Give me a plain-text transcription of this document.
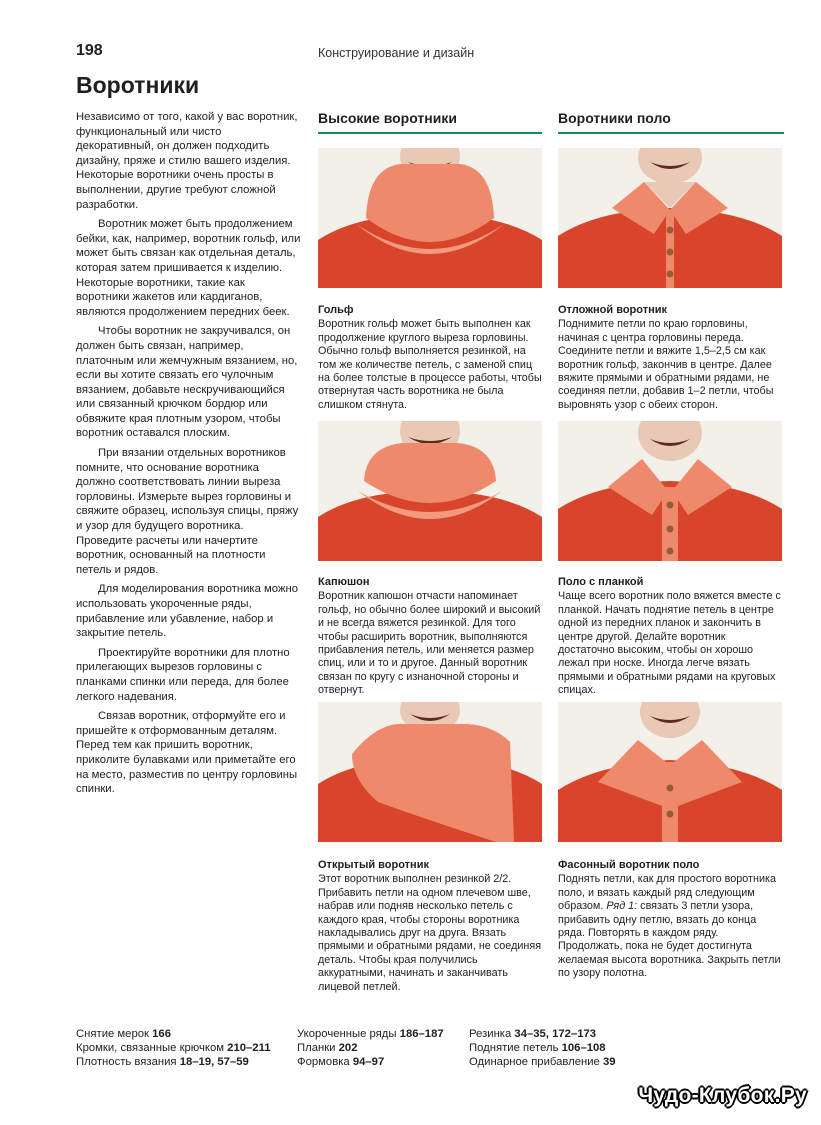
198	Конструирование и дизайн
Воротники

Независимо от того, какой у вас воротник, функциональный или чисто декоративный, он должен подходить дизайну, пряже и стилю вашего изделия. Некоторые воротники очень просты в выполнении, другие требуют сложной разработки.

Воротник может быть продолжением бейки, как, например, воротник гольф, или может быть связан как отдельная деталь, которая затем пришивается к изделию. Некоторые воротники, такие как воротники жакетов или кардиганов, являются продолжением передних беек.

Чтобы воротник не закручивался, он должен быть связан, например, платочным или жемчужным вязанием, но, если вы хотите связать его чулочным вязанием, добавьте нескручивающийся или связанный крючком бордюр или обвяжите края плотным узором, чтобы воротник оставался плоским.

При вязании отдельных воротников помните, что основание воротника должно соответствовать линии выреза горловины. Измерьте вырез горловины и свяжите образец, используя спицы, пряжу и узор для будущего воротника. Проведите расчеты или начертите воротник, основанный на плотности петель и рядов.

Для моделирования воротника можно использовать укороченные ряды, прибавление или убавление, набор и закрытие петель.

Проектируйте воротники для плотно прилегающих вырезов горловины с планками спинки или переда, для более легкого надевания.

Связав воротник, отформуйте его и пришейте к отформованным деталям. Перед тем как пришить воротник, приколите булавками или приметайте его на место, разместив по центру горловины спинки.

Высокие воротники	Воротники поло
Гольф

Воротник гольф может быть выполнен как продолжение круглого выреза горловины. Обычно гольф выполняется резинкой, на том же количестве петель, с заменой спиц на более толстые в процессе работы, чтобы отвернутая часть воротника не была слишком стянута.

Капюшон

Воротник капюшон отчасти напоминает гольф, но обычно более широкий и высокий и не всегда вяжется резинкой. Для того чтобы расширить воротник, выполняются прибавления петель, или меняется размер спиц, или и то и другое. Данный воротник связан по кругу с изнаночной стороны и отвернут.

Открытый воротник

Этот воротник выполнен резинкой 2/2. Прибавить петли на одном плечевом шве, набрав или подняв несколько петель с каждого края, чтобы стороны воротника накладывались друг на друга. Вязать прямыми и обратными рядами, не соединяя деталь. Чтобы края получились аккуратными, начинать и заканчивать лицевой петлей.

Отложной воротник

Поднимите петли по краю горловины, начиная с центра горловины переда. Соедините петли и вяжите 1,5–2,5 см как воротник гольф, закончив в центре. Далее вяжите прямыми и обратными рядами, не соединяя петли, добавив 1–2 петли, чтобы выровнять узор с обеих сторон.

Поло с планкой

Чаще всего воротник поло вяжется вместе с планкой. Начать поднятие петель в центре одной из передних планок и закончить в центре другой. Делайте воротник достаточно высоким, чтобы он хорошо лежал при носке. Иногда легче вязать прямыми и обратными рядами на круговых спицах.

Фасонный воротник поло

Поднять петли, как для простого воротника поло, и вязать каждый ряд следующим образом. Ряд 1: связать 3 петли узора, прибавить одну петлю, вязать до конца ряда. Повторять в каждом ряду. Продолжать, пока не будет достигнута желаемая высота воротника. Закрыть петли по узору полотна.

Снятие мерок 166
Кромки, связанные крючком 210–211
Плотность вязания 18–19, 57–59
Укороченные ряды 186–187
Планки 202
Формовка 94–97
Резинка 34–35, 172–173
Поднятие петель 106–108
Одинарное прибавление 39
Чудо-Клубок.Ру
